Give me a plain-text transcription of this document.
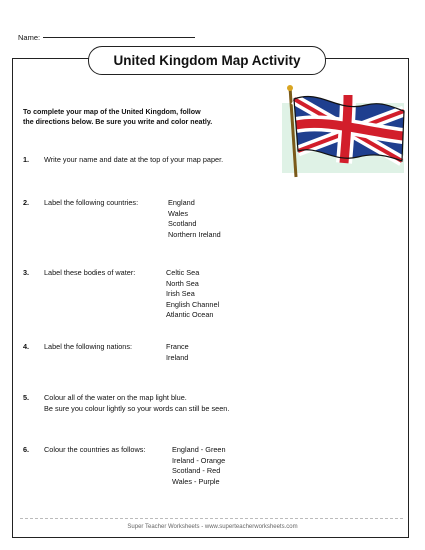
Name:
United Kingdom Map Activity
To complete your map of the United Kingdom, follow
the directions below. Be sure you write and color neatly.
1. Write your name and date at the top of your map paper.
2. Label the following countries:	England
Wales
Scotland
Northern Ireland
3. Label these bodies of water:	Celtic Sea
North Sea
Irish Sea
English Channel
Atlantic Ocean
4. Label the following nations:	France
Ireland
5. Colour all of the water on the map light blue.
Be sure you colour lightly so your words can still be seen.
6. Colour the countries as follows:	England - Green
Ireland - Orange
Scotland - Red
Wales - Purple
Super Teacher Worksheets - www.superteacherworksheets.com
